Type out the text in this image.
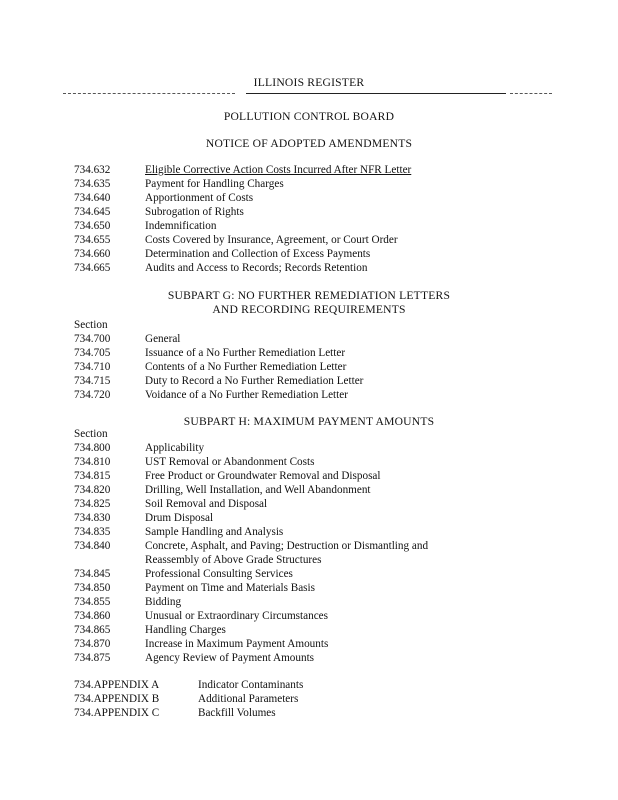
ILLINOIS REGISTER
POLLUTION CONTROL BOARD
NOTICE OF ADOPTED AMENDMENTS
734.632	Eligible Corrective Action Costs Incurred After NFR Letter
734.635	Payment for Handling Charges
734.640	Apportionment of Costs
734.645	Subrogation of Rights
734.650	Indemnification
734.655	Costs Covered by Insurance, Agreement, or Court Order
734.660	Determination and Collection of Excess Payments
734.665	Audits and Access to Records; Records Retention
SUBPART G: NO FURTHER REMEDIATION LETTERS
AND RECORDING REQUIREMENTS
Section
734.700	General
734.705	Issuance of a No Further Remediation Letter
734.710	Contents of a No Further Remediation Letter
734.715	Duty to Record a No Further Remediation Letter
734.720	Voidance of a No Further Remediation Letter
SUBPART H: MAXIMUM PAYMENT AMOUNTS
Section
734.800	Applicability
734.810	UST Removal or Abandonment Costs
734.815	Free Product or Groundwater Removal and Disposal
734.820	Drilling, Well Installation, and Well Abandonment
734.825	Soil Removal and Disposal
734.830	Drum Disposal
734.835	Sample Handling and Analysis
734.840	Concrete, Asphalt, and Paving; Destruction or Dismantling and
Reassembly of Above Grade Structures
734.845	Professional Consulting Services
734.850	Payment on Time and Materials Basis
734.855	Bidding
734.860	Unusual or Extraordinary Circumstances
734.865	Handling Charges
734.870	Increase in Maximum Payment Amounts
734.875	Agency Review of Payment Amounts
734.APPENDIX A	Indicator Contaminants
734.APPENDIX B	Additional Parameters
734.APPENDIX C	Backfill Volumes
